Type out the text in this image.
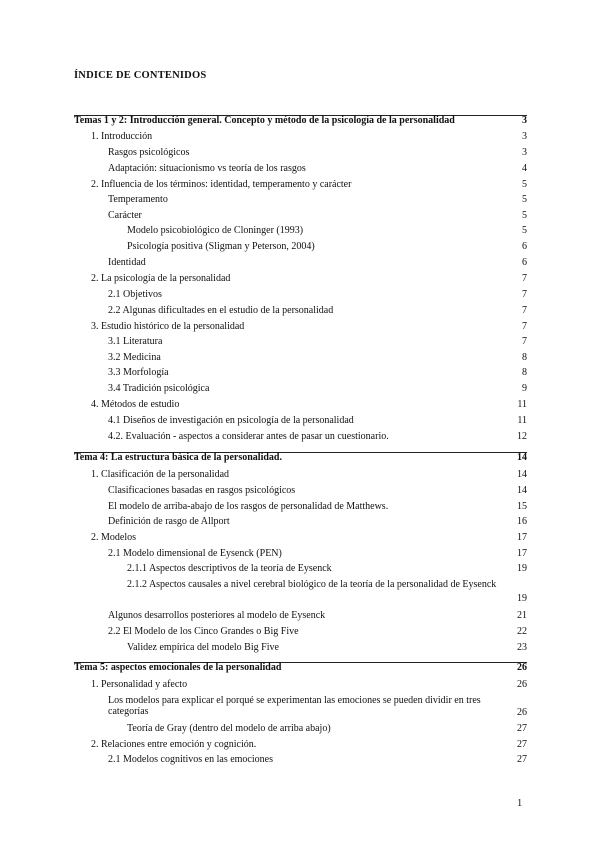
ÍNDICE DE CONTENIDOS
Temas 1 y 2: Introducción general. Concepto y método de la psicología de la personalidad	3
1. Introducción	3
Rasgos psicológicos	3
Adaptación: situacionismo vs teoría de los rasgos	4
2. Influencia de los términos: identidad, temperamento y carácter	5
Temperamento	5
Carácter	5
Modelo psicobiológico de Cloninger (1993)	5
Psicología positiva (Sligman y Peterson, 2004)	6
Identidad	6
2. La psicología de la personalidad	7
2.1 Objetivos	7
2.2 Algunas dificultades en el estudio de la personalidad	7
3. Estudio histórico de la personalidad	7
3.1 Literatura	7
3.2 Medicina	8
3.3 Morfología	8
3.4 Tradición psicológica	9
4. Métodos de estudio	11
4.1 Diseños de investigación en psicología de la personalidad	11
4.2. Evaluación - aspectos a considerar antes de pasar un cuestionario.	12
Tema 4: La estructura básica de la personalidad.	14
1. Clasificación de la personalidad	14
Clasificaciones basadas en rasgos psicológicos	14
El modelo de arriba-abajo de los rasgos de personalidad de Matthews.	15
Definición de rasgo de Allport	16
2. Modelos	17
2.1 Modelo dimensional de Eysenck (PEN)	17
2.1.1 Aspectos descriptivos de la teoría de Eysenck	19
2.1.2 Aspectos causales a nivel cerebral biológico de la teoría de la personalidad de Eysenck
19
Algunos desarrollos posteriores al modelo de Eysenck	21
2.2 El Modelo de los Cinco Grandes o Big Five	22
Validez empírica del modelo Big Five	23
Tema 5: aspectos emocionales de la personalidad	26
1. Personalidad y afecto	26
Los modelos para explicar el porqué se experimentan las emociones se pueden dividir en tres categorías	26
Teoría de Gray (dentro del modelo de arriba abajo)	27
2. Relaciones entre emoción y cognición.	27
2.1 Modelos cognitivos en las emociones	27
1
